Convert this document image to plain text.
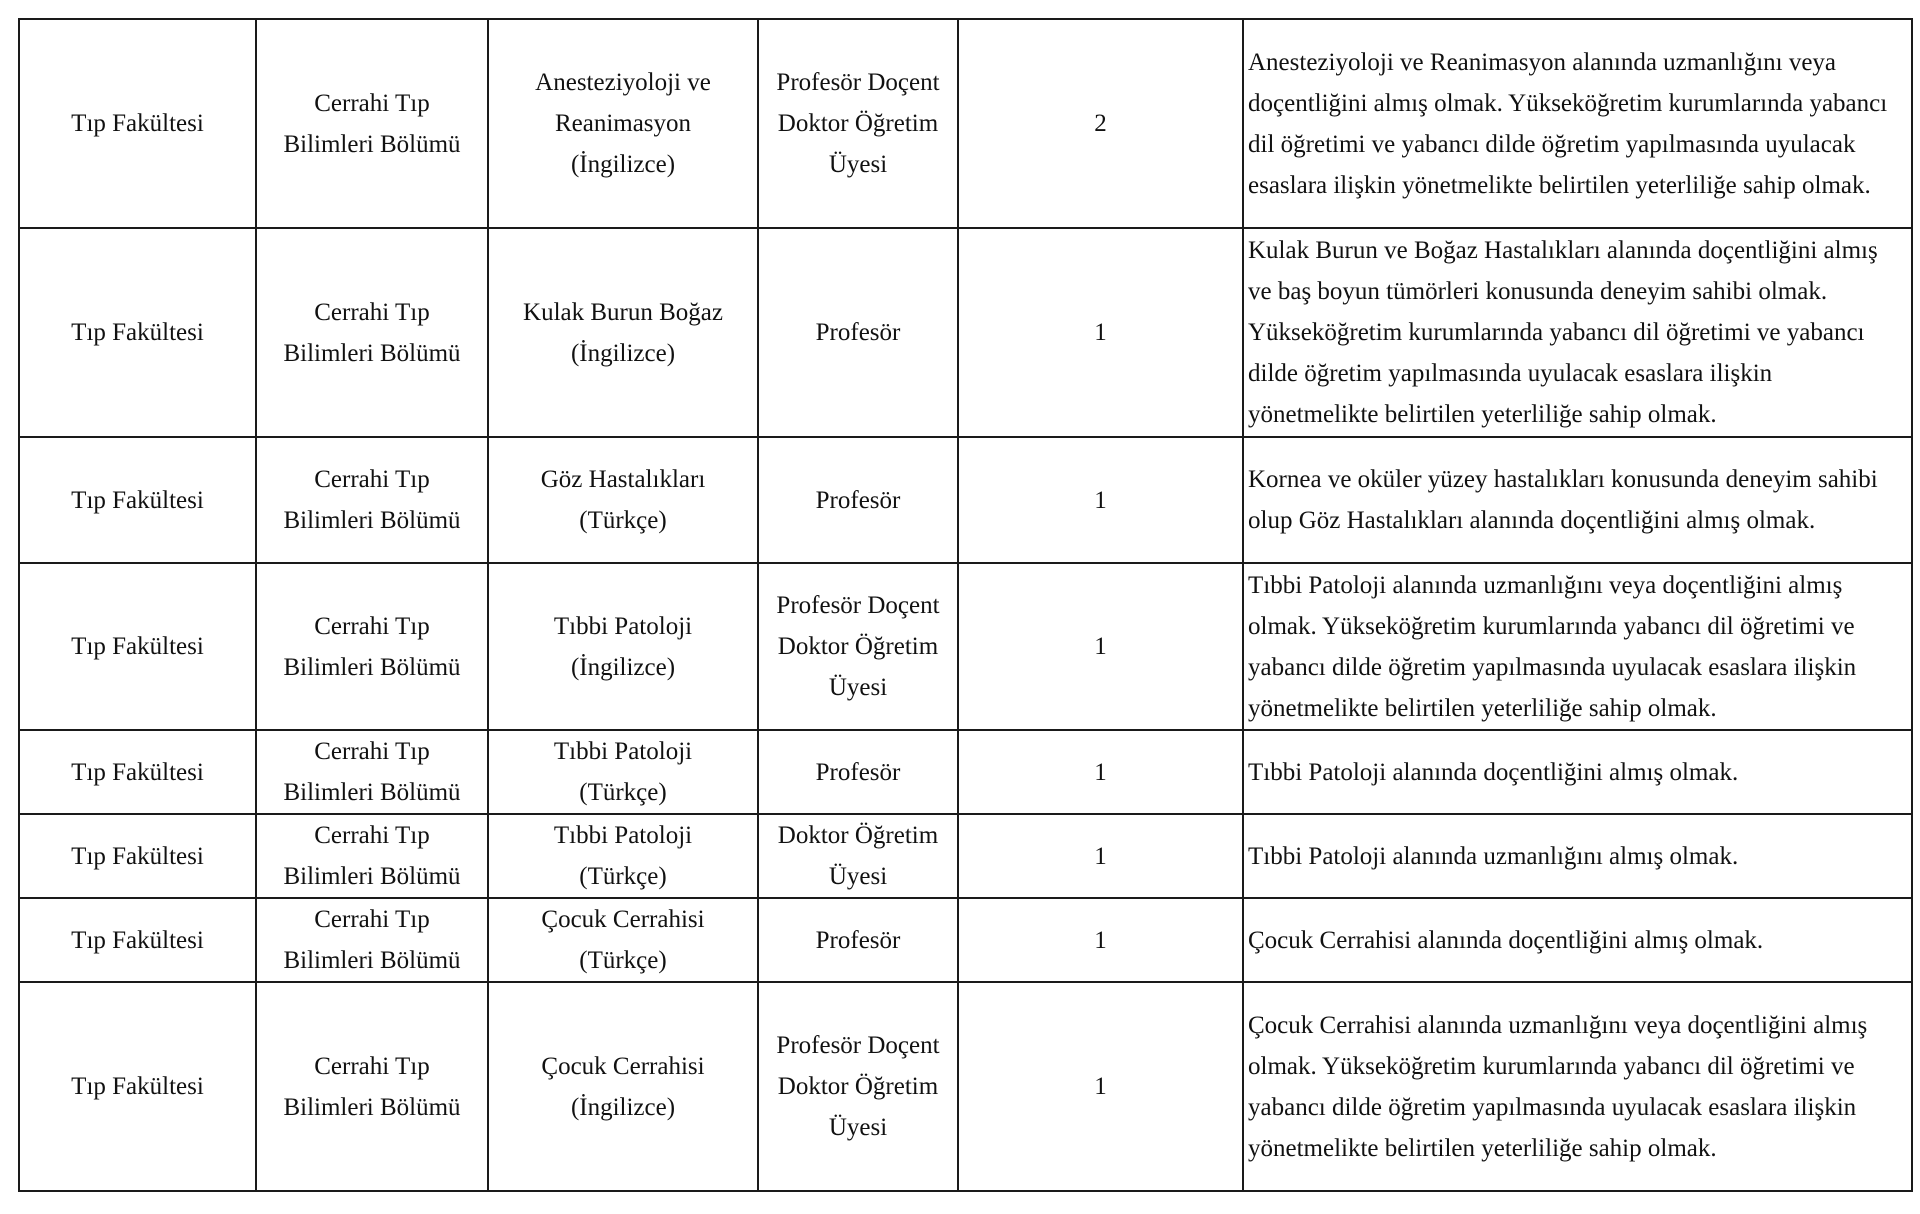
Tıp Fakültesi	Cerrahi Tıp Bilimleri Bölümü	Anesteziyoloji ve Reanimasyon (İngilizce)	Profesör Doçent Doktor Öğretim Üyesi	2	Anesteziyoloji ve Reanimasyon alanında uzmanlığını veya doçentliğini almış olmak. Yükseköğretim kurumlarında yabancı dil öğretimi ve yabancı dilde öğretim yapılmasında uyulacak esaslara ilişkin yönetmelikte belirtilen yeterliliğe sahip olmak.
Tıp Fakültesi	Cerrahi Tıp Bilimleri Bölümü	Kulak Burun Boğaz (İngilizce)	Profesör	1	Kulak Burun ve Boğaz Hastalıkları alanında doçentliğini almış ve baş boyun tümörleri konusunda deneyim sahibi olmak. Yükseköğretim kurumlarında yabancı dil öğretimi ve yabancı dilde öğretim yapılmasında uyulacak esaslara ilişkin yönetmelikte belirtilen yeterliliğe sahip olmak.
Tıp Fakültesi	Cerrahi Tıp Bilimleri Bölümü	Göz Hastalıkları (Türkçe)	Profesör	1	Kornea ve oküler yüzey hastalıkları konusunda deneyim sahibi olup Göz Hastalıkları alanında doçentliğini almış olmak.
Tıp Fakültesi	Cerrahi Tıp Bilimleri Bölümü	Tıbbi Patoloji (İngilizce)	Profesör Doçent Doktor Öğretim Üyesi	1	Tıbbi Patoloji alanında uzmanlığını veya doçentliğini almış olmak. Yükseköğretim kurumlarında yabancı dil öğretimi ve yabancı dilde öğretim yapılmasında uyulacak esaslara ilişkin yönetmelikte belirtilen yeterliliğe sahip olmak.
Tıp Fakültesi	Cerrahi Tıp Bilimleri Bölümü	Tıbbi Patoloji (Türkçe)	Profesör	1	Tıbbi Patoloji alanında doçentliğini almış olmak.
Tıp Fakültesi	Cerrahi Tıp Bilimleri Bölümü	Tıbbi Patoloji (Türkçe)	Doktor Öğretim Üyesi	1	Tıbbi Patoloji alanında uzmanlığını almış olmak.
Tıp Fakültesi	Cerrahi Tıp Bilimleri Bölümü	Çocuk Cerrahisi (Türkçe)	Profesör	1	Çocuk Cerrahisi alanında doçentliğini almış olmak.
Tıp Fakültesi	Cerrahi Tıp Bilimleri Bölümü	Çocuk Cerrahisi (İngilizce)	Profesör Doçent Doktor Öğretim Üyesi	1	Çocuk Cerrahisi alanında uzmanlığını veya doçentliğini almış olmak. Yükseköğretim kurumlarında yabancı dil öğretimi ve yabancı dilde öğretim yapılmasında uyulacak esaslara ilişkin yönetmelikte belirtilen yeterliliğe sahip olmak.
